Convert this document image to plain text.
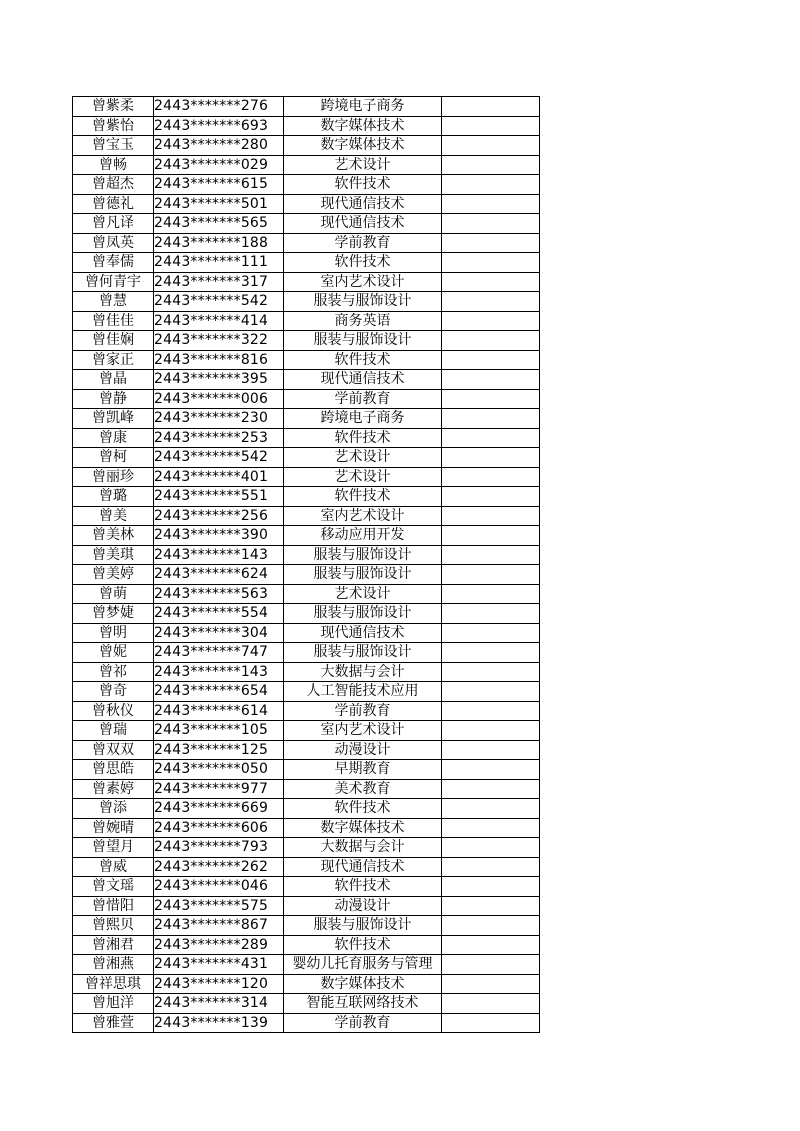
曾紫柔	2443*******276	跨境电子商务	
曾紫怡	2443*******693	数字媒体技术	
曾宝玉	2443*******280	数字媒体技术	
曾畅	2443*******029	艺术设计	
曾超杰	2443*******615	软件技术	
曾德礼	2443*******501	现代通信技术	
曾凡译	2443*******565	现代通信技术	
曾凤英	2443*******188	学前教育	
曾奉儒	2443*******111	软件技术	
曾何青宇	2443*******317	室内艺术设计	
曾慧	2443*******542	服装与服饰设计	
曾佳佳	2443*******414	商务英语	
曾佳娴	2443*******322	服装与服饰设计	
曾家正	2443*******816	软件技术	
曾晶	2443*******395	现代通信技术	
曾静	2443*******006	学前教育	
曾凯峰	2443*******230	跨境电子商务	
曾康	2443*******253	软件技术	
曾柯	2443*******542	艺术设计	
曾丽珍	2443*******401	艺术设计	
曾璐	2443*******551	软件技术	
曾美	2443*******256	室内艺术设计	
曾美林	2443*******390	移动应用开发	
曾美琪	2443*******143	服装与服饰设计	
曾美婷	2443*******624	服装与服饰设计	
曾萌	2443*******563	艺术设计	
曾梦婕	2443*******554	服装与服饰设计	
曾明	2443*******304	现代通信技术	
曾妮	2443*******747	服装与服饰设计	
曾祁	2443*******143	大数据与会计	
曾奇	2443*******654	人工智能技术应用	
曾秋仪	2443*******614	学前教育	
曾瑞	2443*******105	室内艺术设计	
曾双双	2443*******125	动漫设计	
曾思皓	2443*******050	早期教育	
曾素婷	2443*******977	美术教育	
曾添	2443*******669	软件技术	
曾婉晴	2443*******606	数字媒体技术	
曾望月	2443*******793	大数据与会计	
曾威	2443*******262	现代通信技术	
曾文瑶	2443*******046	软件技术	
曾惜阳	2443*******575	动漫设计	
曾熙贝	2443*******867	服装与服饰设计	
曾湘君	2443*******289	软件技术	
曾湘燕	2443*******431	婴幼儿托育服务与管理	
曾祥思琪	2443*******120	数字媒体技术	
曾旭洋	2443*******314	智能互联网络技术	
曾雅萱	2443*******139	学前教育	
